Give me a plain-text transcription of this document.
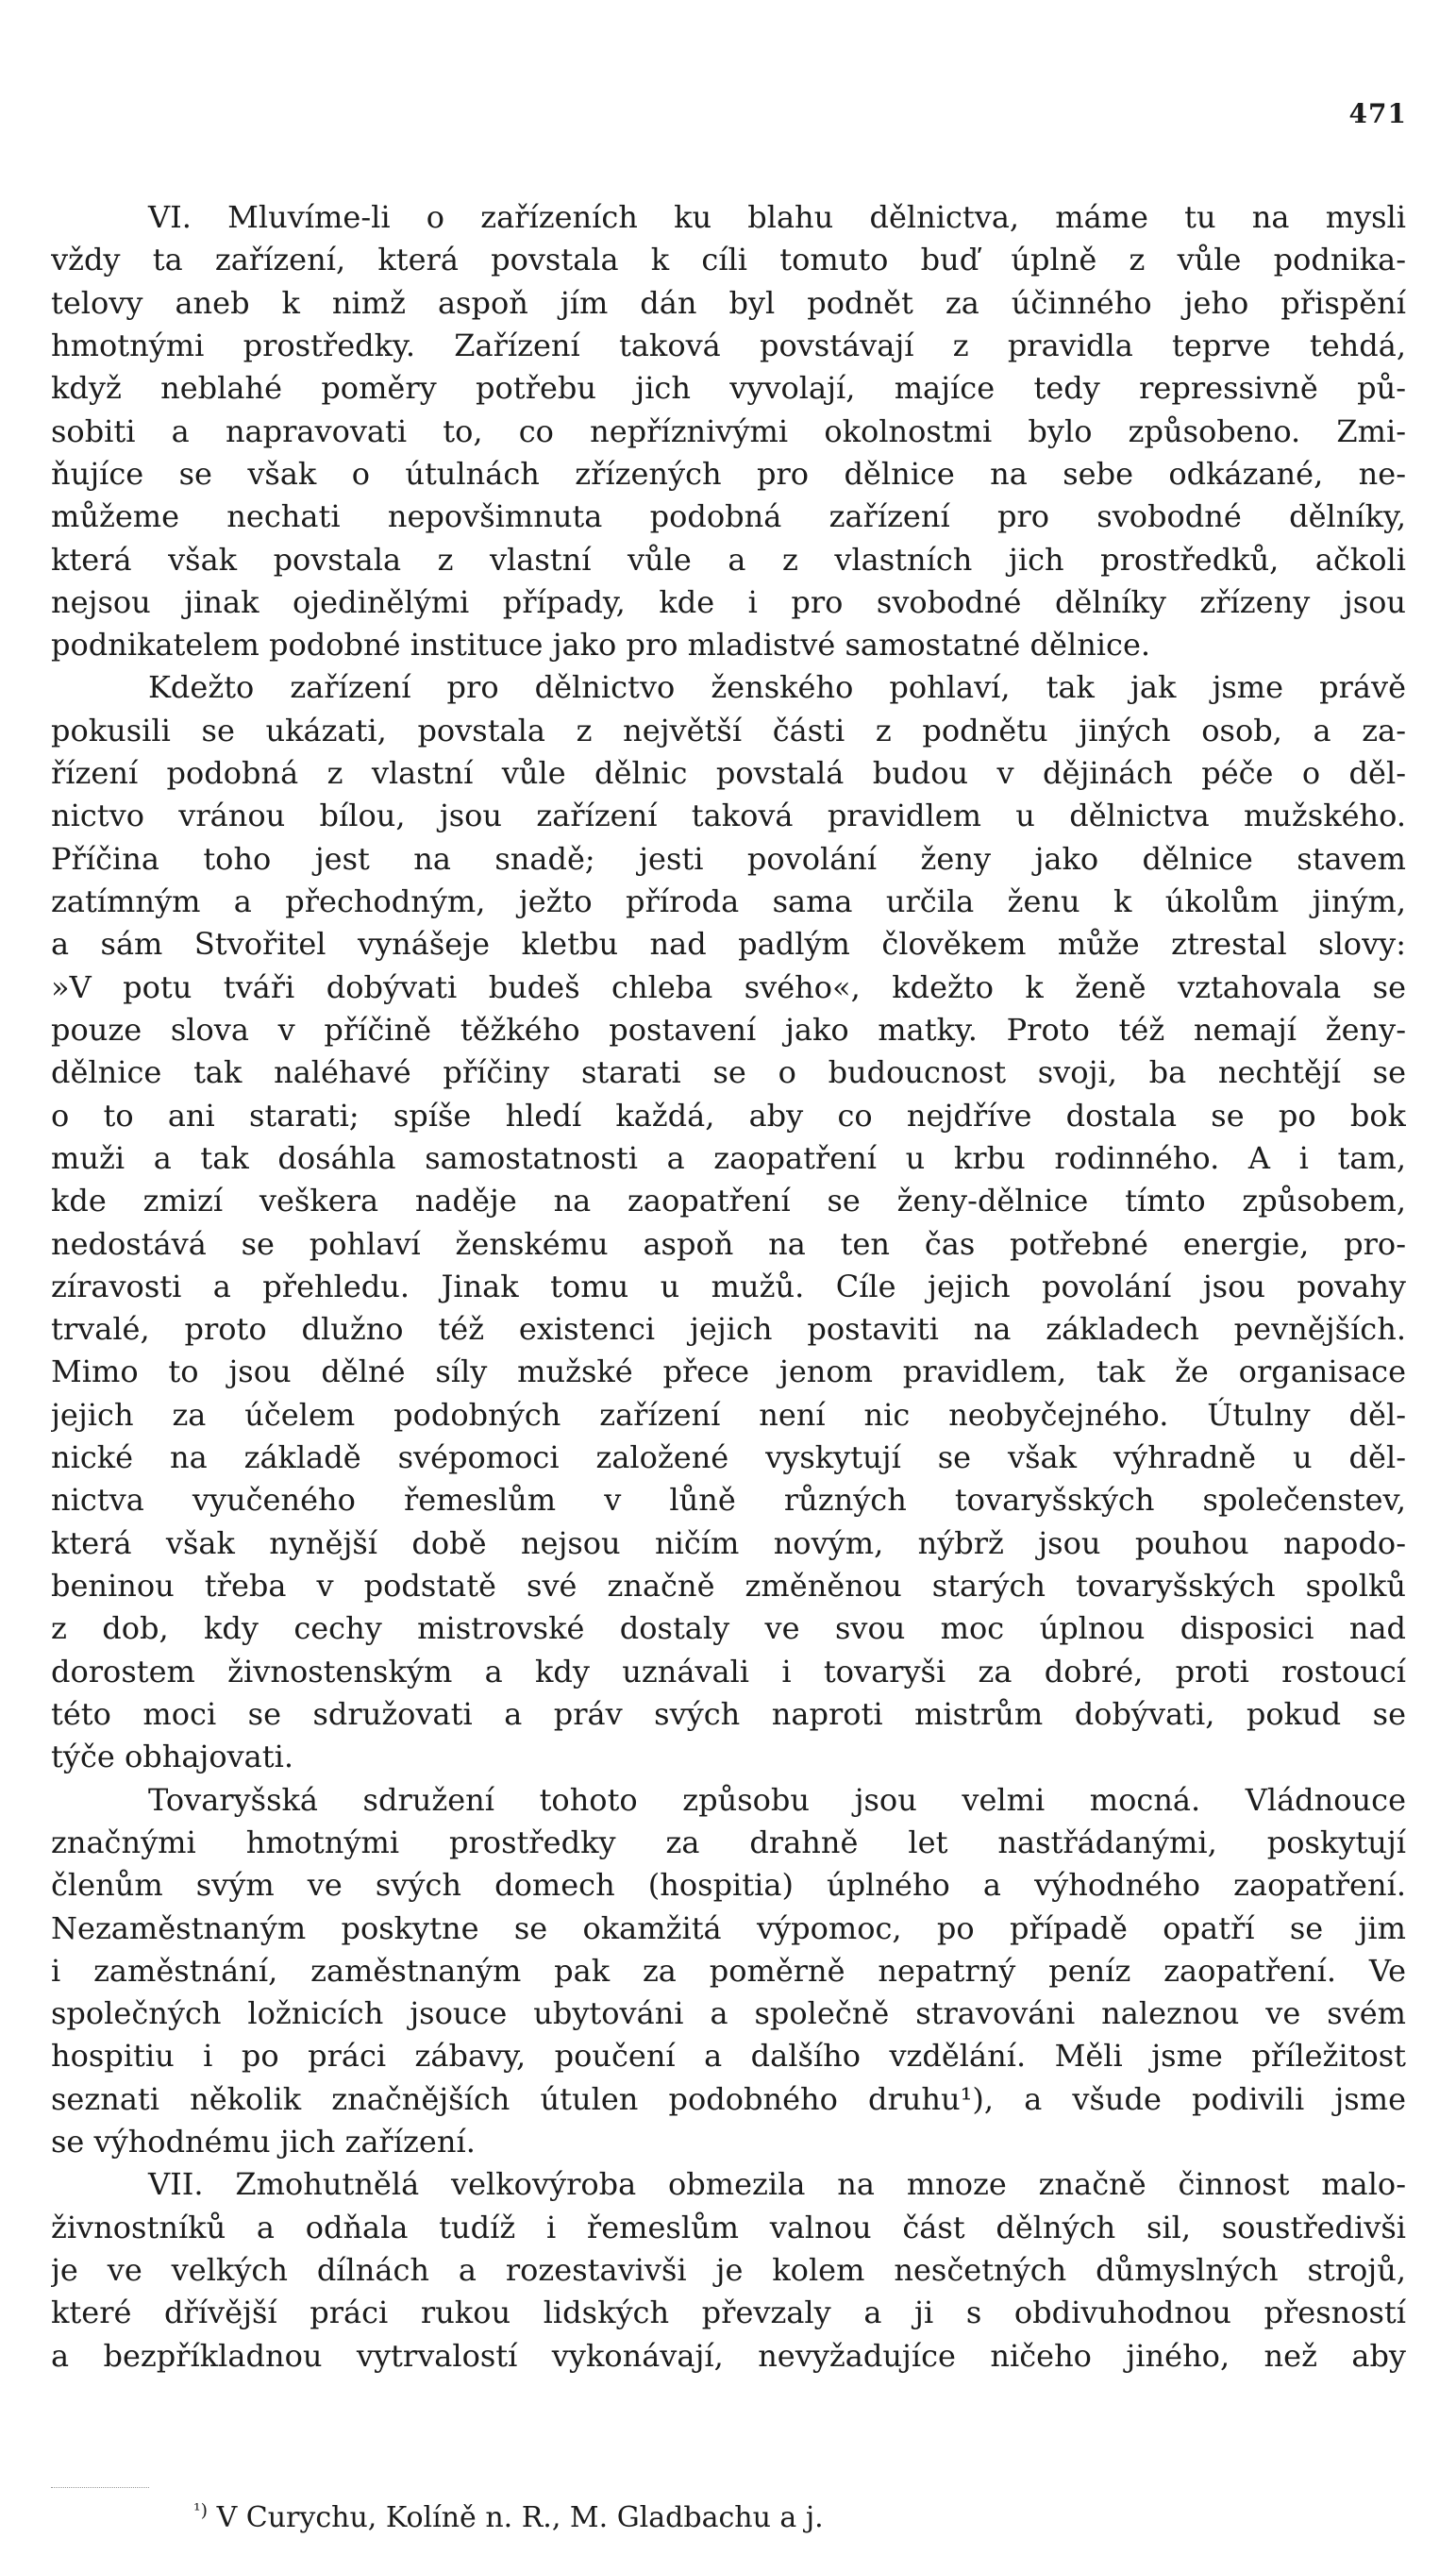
471
VI. Mluvíme-li o zařízeních ku blahu dělnictva, máme tu na mysli
vždy ta zařízení, která povstala k cíli tomuto buď úplně z vůle podnika-
telovy aneb k nimž aspoň jím dán byl podnět za účinného jeho přispění
hmotnými prostředky. Zařízení taková povstávají z pravidla teprve tehdá,
když neblahé poměry potřebu jich vyvolají, majíce tedy repressivně pů-
sobiti a napravovati to, co nepříznivými okolnostmi bylo způsobeno. Zmi-
ňujíce se však o útulnách zřízených pro dělnice na sebe odkázané, ne-
můžeme nechati nepovšimnuta podobná zařízení pro svobodné dělníky,
která však povstala z vlastní vůle a z vlastních jich prostředků, ačkoli
nejsou jinak ojedinělými případy, kde i pro svobodné dělníky zřízeny jsou
podnikatelem podobné instituce jako pro mladistvé samostatné dělnice.
Kdežto zařízení pro dělnictvo ženského pohlaví, tak jak jsme právě
pokusili se ukázati, povstala z největší části z podnětu jiných osob, a za-
řízení podobná z vlastní vůle dělnic povstalá budou v dějinách péče o děl-
nictvo vránou bílou, jsou zařízení taková pravidlem u dělnictva mužského.
Příčina toho jest na snadě; jesti povolání ženy jako dělnice stavem
zatímným a přechodným, ježto příroda sama určila ženu k úkolům jiným,
a sám Stvořitel vynášeje kletbu nad padlým člověkem může ztrestal slovy:
»V potu tváři dobývati budeš chleba svého«, kdežto k ženě vztahovala se
pouze slova v příčině těžkého postavení jako matky. Proto též nemají ženy-
dělnice tak naléhavé příčiny starati se o budoucnost svoji, ba nechtějí se
o to ani starati; spíše hledí každá, aby co nejdříve dostala se po bok
muži a tak dosáhla samostatnosti a zaopatření u krbu rodinného. A i tam,
kde zmizí veškera naděje na zaopatření se ženy-dělnice tímto způsobem,
nedostává se pohlaví ženskému aspoň na ten čas potřebné energie, pro-
zíravosti a přehledu. Jinak tomu u mužů. Cíle jejich povolání jsou povahy
trvalé, proto dlužno též existenci jejich postaviti na základech pevnějších.
Mimo to jsou dělné síly mužské přece jenom pravidlem, tak že organisace
jejich za účelem podobných zařízení není nic neobyčejného. Útulny děl-
nické na základě svépomoci založené vyskytují se však výhradně u děl-
nictva vyučeného řemeslům v lůně různých tovaryšských společenstev,
která však nynější době nejsou ničím novým, nýbrž jsou pouhou napodo-
beninou třeba v podstatě své značně změněnou starých tovaryšských spolků
z dob, kdy cechy mistrovské dostaly ve svou moc úplnou disposici nad
dorostem živnostenským a kdy uznávali i tovaryši za dobré, proti rostoucí
této moci se sdružovati a práv svých naproti mistrům dobývati, pokud se
týče obhajovati.
Tovaryšská sdružení tohoto způsobu jsou velmi mocná. Vládnouce
značnými hmotnými prostředky za drahně let nastřádanými, poskytují
členům svým ve svých domech (hospitia) úplného a výhodného zaopatření.
Nezaměstnaným poskytne se okamžitá výpomoc, po případě opatří se jim
i zaměstnání, zaměstnaným pak za poměrně nepatrný peníz zaopatření. Ve
společných ložnicích jsouce ubytováni a společně stravováni naleznou ve svém
hospitiu i po práci zábavy, poučení a dalšího vzdělání. Měli jsme příležitost
seznati několik značnějších útulen podobného druhu¹), a všude podivili jsme
se výhodnému jich zařízení.
VII. Zmohutnělá velkovýroba obmezila na mnoze značně činnost malo-
živnostníků a odňala tudíž i řemeslům valnou část dělných sil, soustředivši
je ve velkých dílnách a rozestavivši je kolem nesčetných důmyslných strojů,
které dřívější práci rukou lidských převzaly a ji s obdivuhodnou přesností
a bezpříkladnou vytrvalostí vykonávají, nevyžadujíce ničeho jiného, než aby
$^{^1)}$ V Curychu, Kolíně n. R., M. Gladbachu a j.
